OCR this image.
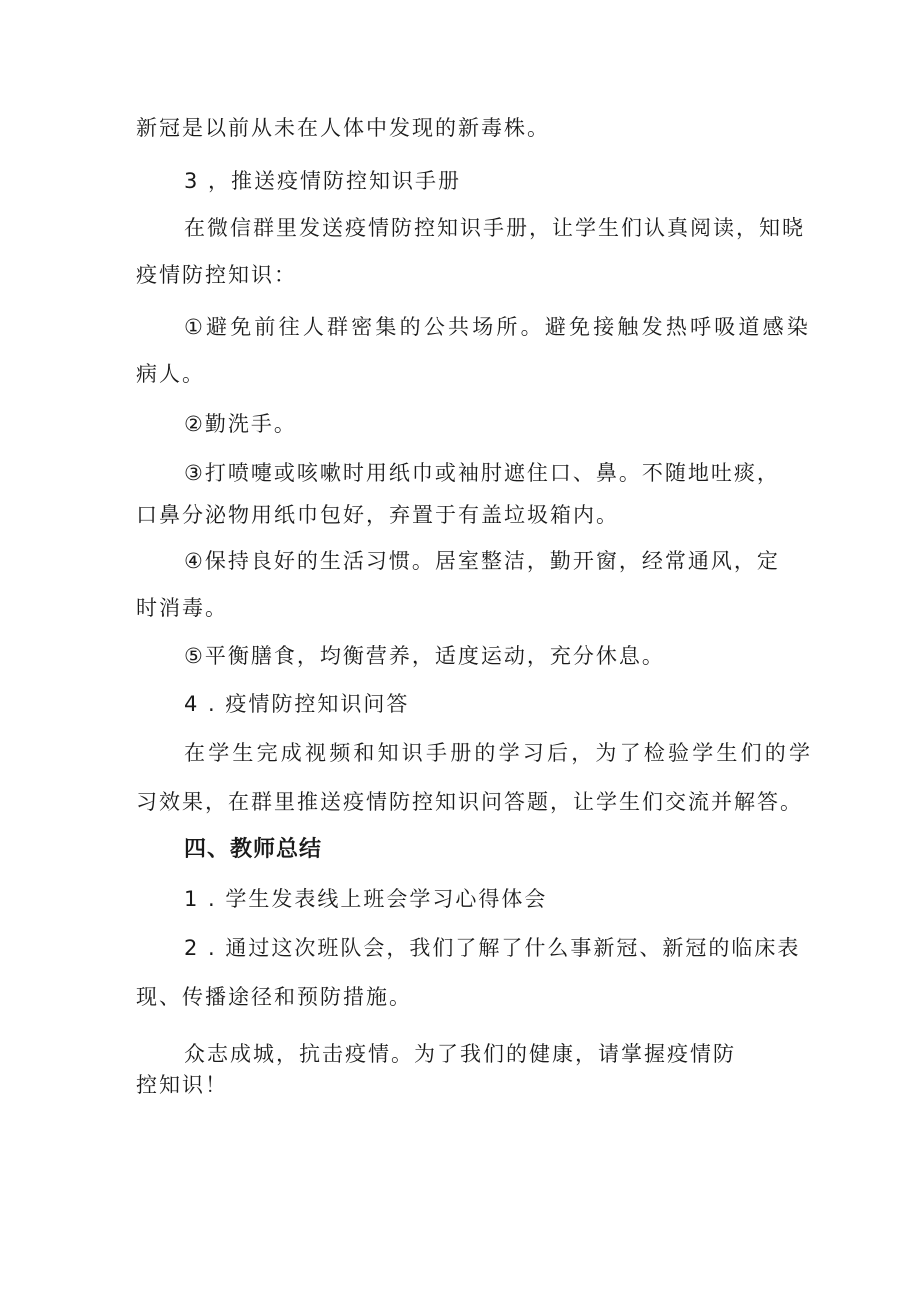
新冠是以前从未在人体中发现的新毒株。
3 ，推送疫情防控知识手册
在微信群里发送疫情防控知识手册，让学生们认真阅读，知晓
疫情防控知识：
①避免前往人群密集的公共场所。避免接触发热呼吸道感染
病人。
②勤洗手。
③打喷嚏或咳嗽时用纸巾或袖肘遮住口、鼻。不随地吐痰，
口鼻分泌物用纸巾包好，弃置于有盖垃圾箱内。
④保持良好的生活习惯。居室整洁，勤开窗，经常通风，定
时消毒。
⑤平衡膳食，均衡营养，适度运动，充分休息。
4 . 疫情防控知识问答
在学生完成视频和知识手册的学习后，为了检验学生们的学
习效果，在群里推送疫情防控知识问答题，让学生们交流并解答。
四、教师总结
1 . 学生发表线上班会学习心得体会
2 . 通过这次班队会，我们了解了什么事新冠、新冠的临床表
现、传播途径和预防措施。
众志成城，抗击疫情。为了我们的健康，请掌握疫情防
控知识！
